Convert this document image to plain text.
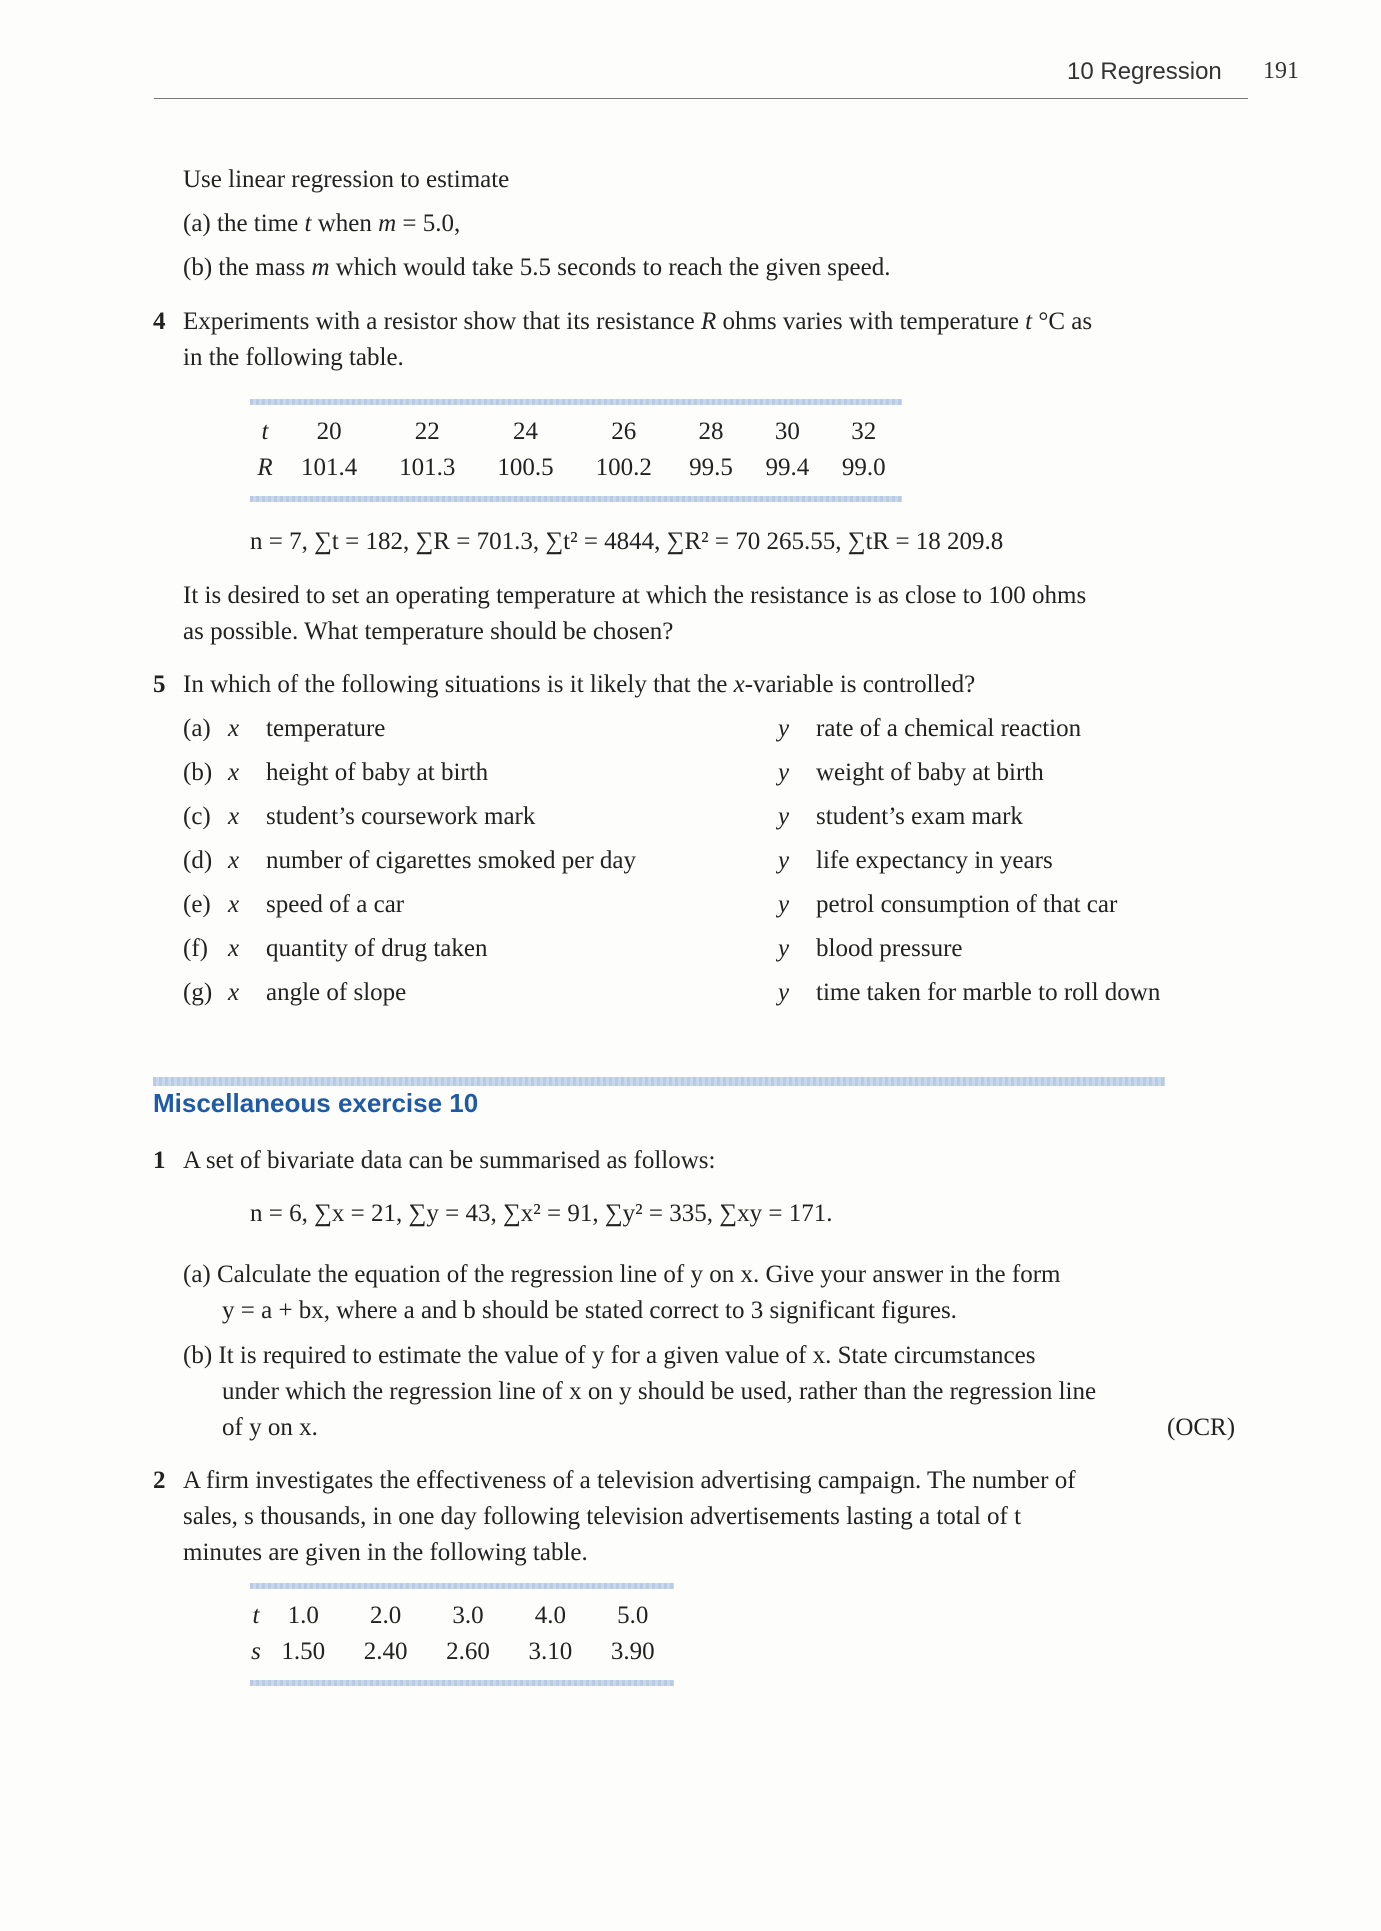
10 Regression 191
Use linear regression to estimate
(a) the time t when m = 5.0,
(b) the mass m which would take 5.5 seconds to reach the given speed.
4 Experiments with a resistor show that its resistance R ohms varies with temperature t °C as
in the following table.
t	20	22	24	26	28	30	32
R	101.4	101.3	100.5	100.2	99.5	99.4	99.0
n = 7, ∑t = 182, ∑R = 701.3, ∑t² = 4844, ∑R² = 70 265.55, ∑tR = 18 209.8
It is desired to set an operating temperature at which the resistance is as close to 100 ohms
as possible. What temperature should be chosen?
5 In which of the following situations is it likely that the x-variable is controlled?
(a) x temperature	y rate of a chemical reaction
(b) x height of baby at birth	y weight of baby at birth
(c) x student’s coursework mark	y student’s exam mark
(d) x number of cigarettes smoked per day	y life expectancy in years
(e) x speed of a car	y petrol consumption of that car
(f) x quantity of drug taken	y blood pressure
(g) x angle of slope	y time taken for marble to roll down
Miscellaneous exercise 10
1 A set of bivariate data can be summarised as follows:
n = 6, ∑x = 21, ∑y = 43, ∑x² = 91, ∑y² = 335, ∑xy = 171.
(a) Calculate the equation of the regression line of y on x. Give your answer in the form
y = a + bx, where a and b should be stated correct to 3 significant figures.
(b) It is required to estimate the value of y for a given value of x. State circumstances
under which the regression line of x on y should be used, rather than the regression line
of y on x.	(OCR)
2 A firm investigates the effectiveness of a television advertising campaign. The number of
sales, s thousands, in one day following television advertisements lasting a total of t
minutes are given in the following table.
t	1.0	2.0	3.0	4.0	5.0
s	1.50	2.40	2.60	3.10	3.90
